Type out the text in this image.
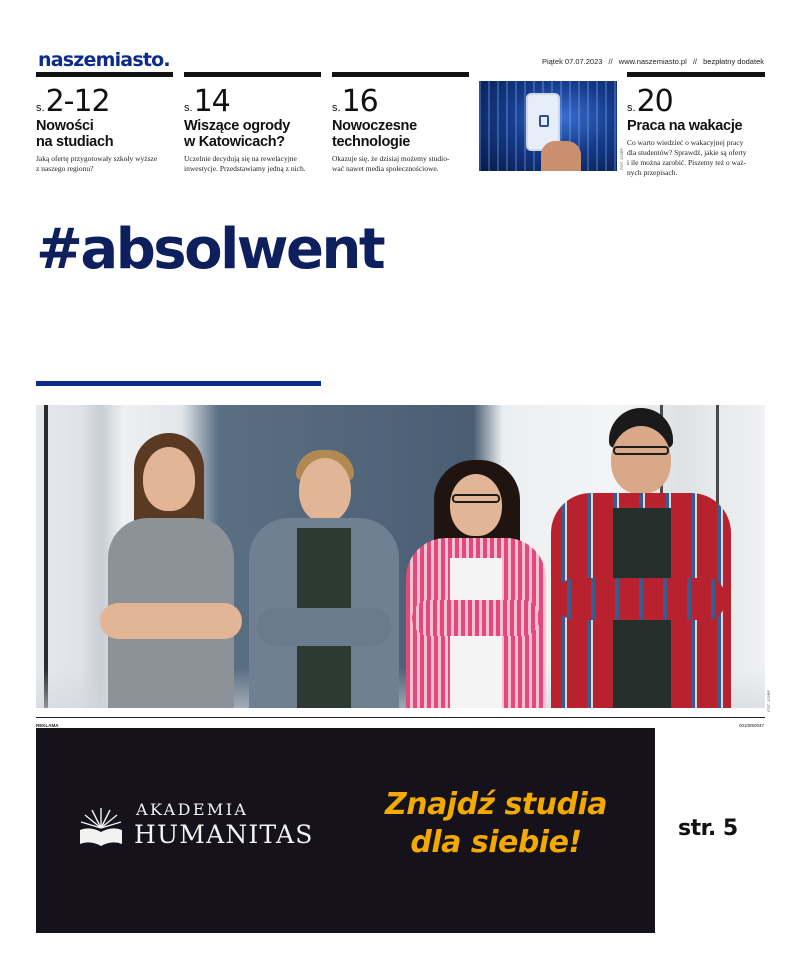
naszemiasto.	Piątek 07.07.2023 // www.naszemiasto.pl // bezpłatny dodatek
s. 2-12
Nowości
na studiach
Jaką ofertę przygotowały szkoły wyższe
z naszego regionu?
s. 14
Wiszące ogrody
w Katowicach?
Uczelnie decydują się na rewelacyjne
inwestycje. Przedstawiamy jedną z nich.
s. 16
Nowoczesne
technologie
Okazuje się, że dzisiaj możemy studio-
wać nawet media społecznościowe.	FOT. 123RF
s. 20
Praca na wakacje
Co warto wiedzieć o wakacyjnej pracy
dla studentów? Sprawdź, jakie są oferty
i ile można zarobić. Piszemy też o waż-
nych przepisach.
#absolwent
FOT. 123RF
REKLAMA	0010850047
AKADEMIA
HUMANITAS
Znajdź studia
dla siebie!	str. 5
